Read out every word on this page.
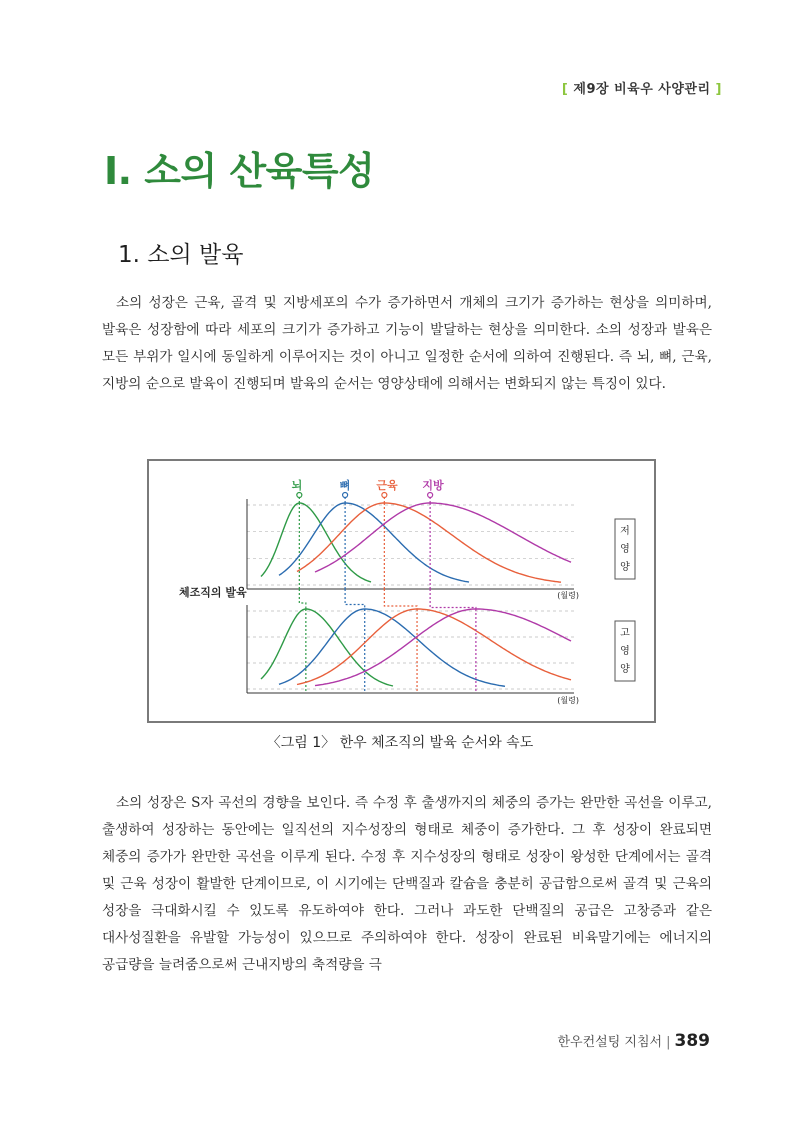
[ 제9장 비육우 사양관리 ]
I. 소의 산육특성
1. 소의 발육

소의 성장은 근육, 골격 및 지방세포의 수가 증가하면서 개체의 크기가 증가하는 현상을 의미하며, 발육은 성장함에 따라 세포의 크기가 증가하고 기능이 발달하는 현상을 의미한다. 소의 성장과 발육은 모든 부위가 일시에 동일하게 이루어지는 것이 아니고 일정한 순서에 의하여 진행된다. 즉 뇌, 뼈, 근육, 지방의 순으로 발육이 진행되며 발육의 순서는 영양상태에 의해서는 변화되지 않는 특징이 있다.

뇌	뼈 근육 지방
체조직의 발육	(월령)
(월령)
저
영
양
고
영
양
〈그림 1〉 한우 체조직의 발육 순서와 속도

소의 성장은 S자 곡선의 경향을 보인다. 즉 수정 후 출생까지의 체중의 증가는 완만한 곡선을 이루고, 출생하여 성장하는 동안에는 일직선의 지수성장의 형태로 체중이 증가한다. 그 후 성장이 완료되면 체중의 증가가 완만한 곡선을 이루게 된다. 수정 후 지수성장의 형태로 성장이 왕성한 단계에서는 골격 및 근육 성장이 활발한 단계이므로, 이 시기에는 단백질과 칼슘을 충분히 공급함으로써 골격 및 근육의 성장을 극대화시킬 수 있도록 유도하여야 한다. 그러나 과도한 단백질의 공급은 고창증과 같은 대사성질환을 유발할 가능성이 있으므로 주의하여야 한다. 성장이 완료된 비육말기에는 에너지의 공급량을 늘려줌으로써 근내지방의 축적량을 극

한우컨설팅 지침서 | 389
